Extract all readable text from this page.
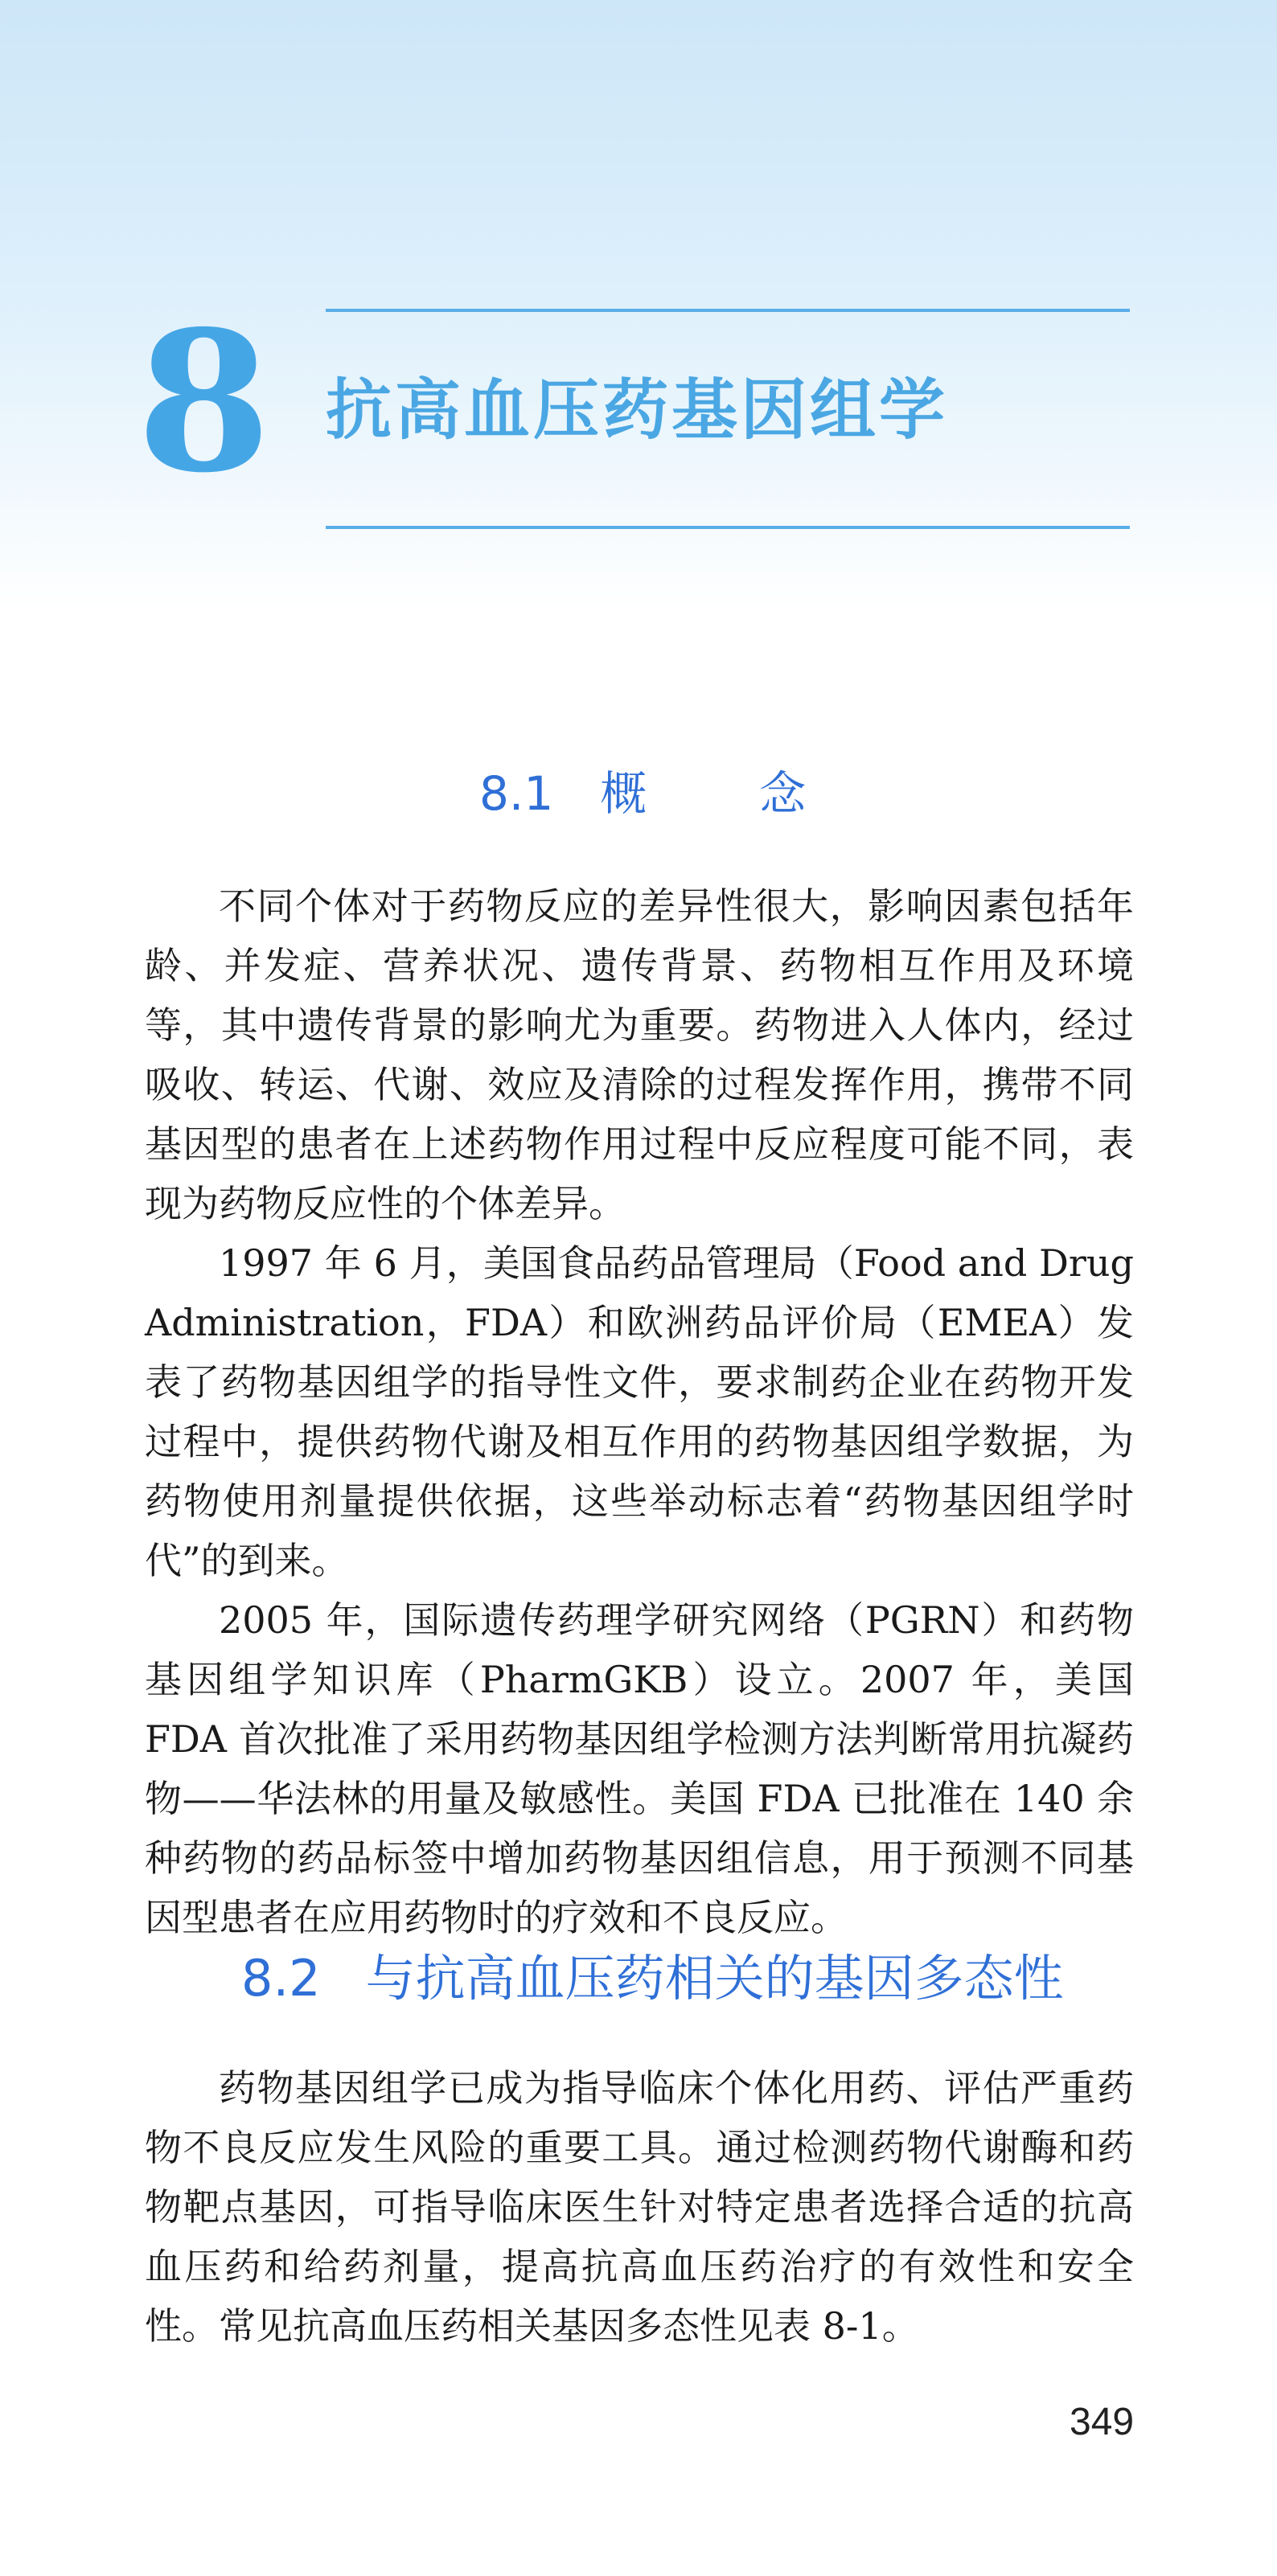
8 抗高血压药基因组学
8.1 概 念

不同个体对于药物反应的差异性很大，影响因素包括年龄、并发症、营养状况、遗传背景、药物相互作用及环境等，其中遗传背景的影响尤为重要。药物进入人体内，经过吸收、转运、代谢、效应及清除的过程发挥作用，携带不同基因型的患者在上述药物作用过程中反应程度可能不同，表现为药物反应性的个体差异。

1997 年 6 月，美国食品药品管理局（Food and Drug Administration，FDA）和欧洲药品评价局（EMEA）发表了药物基因组学的指导性文件，要求制药企业在药物开发过程中，提供药物代谢及相互作用的药物基因组学数据，为药物使用剂量提供依据，这些举动标志着“药物基因组学时代”的到来。

2005 年，国际遗传药理学研究网络（PGRN）和药物基因组学知识库（PharmGKB）设立。2007 年，美国 FDA 首次批准了采用药物基因组学检测方法判断常用抗凝药物——华法林的用量及敏感性。美国 FDA 已批准在 140 余种药物的药品标签中增加药物基因组信息，用于预测不同基因型患者在应用药物时的疗效和不良反应。

8.2 与抗高血压药相关的基因多态性

药物基因组学已成为指导临床个体化用药、评估严重药物不良反应发生风险的重要工具。通过检测药物代谢酶和药物靶点基因，可指导临床医生针对特定患者选择合适的抗高血压药和给药剂量，提高抗高血压药治疗的有效性和安全性。常见抗高血压药相关基因多态性见表 8-1。

349
